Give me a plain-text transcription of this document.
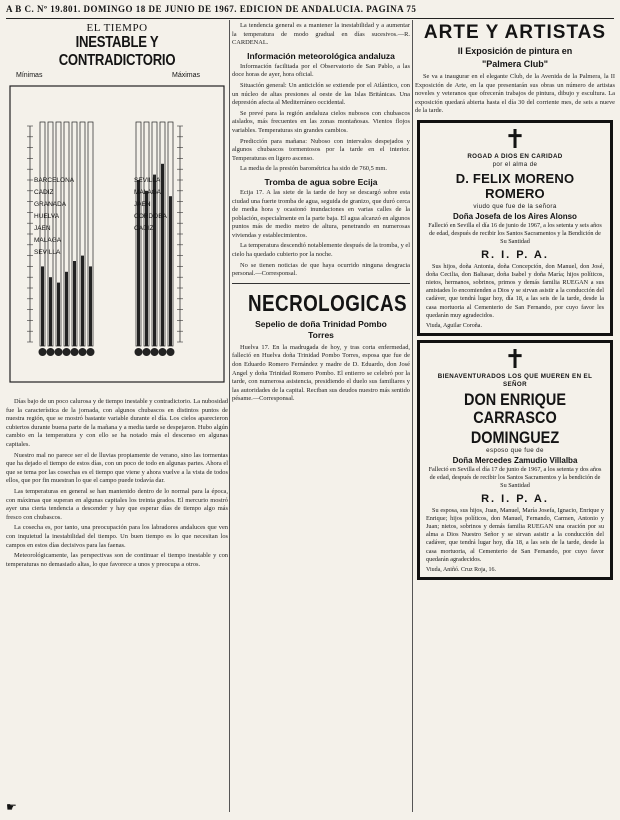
A B C. Nº 19.801. DOMINGO 18 DE JUNIO DE 1967. EDICION DE ANDALUCIA. PAGINA 75
EL TIEMPO
INESTABLE Y CONTRADICTORIO
Mínimas	Máximas
BARCELONA
CADIZ
GRANADA
HUELVA
JAEN
MALAGA
SEVILLA
SEVILLA
MALAGA
JAEN
CORDOBA
CADIZ

Días bajo de un poco calurosa y de tiempo inestable y contradictorio. La nubosidad fue la característica de la jornada, con algunos chubascos en distintos puntos de nuestra región, que se mostró bastante variable durante el día. Los cielos aparecieron cubiertos durante buena parte de la mañana y a media tarde se despejaron. Hubo algún cambio en la temperatura y con ello se ha notado más el descenso en algunas capitales.

Nuestro mal no parece ser el de lluvias propiamente de verano, sino las tormentas que ha dejado el tiempo de estos días, con un poco de todo en algunas partes. Ahora el que se tema por las cosechas es el tiempo que viene y ahora vuelve a la vista de todos ellos, que por fin muestran lo que el campo puede todavía dar.

Las temperaturas en general se han mantenido dentro de lo normal para la época, con máximas que superan en algunas capitales los treinta grados. El mercurio mostró ayer una cierta tendencia a descender y hay que esperar días de tiempo algo más fresco con chubascos.

La cosecha es, por tanto, una preocupación para los labradores andaluces que ven con inquietud la inestabilidad del tiempo. Un buen tiempo es lo que necesitan los campos en estos días decisivos para las faenas.

Meteorológicamente, las perspectivas son de continuar el tiempo inestable y con temperaturas no demasiado altas, lo que favorece a unos y preocupa a otros.

La tendencia general es a mantener la inestabilidad y a aumentar la temperatura de modo gradual en días sucesivos.—R. CARDENAL.

Información meteorológica andaluza

Información facilitada por el Observatorio de San Pablo, a las doce horas de ayer, hora oficial.

Situación general: Un anticiclón se extiende por el Atlántico, con un núcleo de altas presiones al oeste de las Islas Británicas. Una depresión afecta al Mediterráneo occidental.

Se prevé para la región andaluza cielos nubosos con chubascos aislados, más frecuentes en las zonas montañosas. Vientos flojos variables. Temperaturas sin grandes cambios.

Predicción para mañana: Nuboso con intervalos despejados y algunos chubascos tormentosos por la tarde en el interior. Temperaturas en ligero ascenso.

La media de la presión barométrica ha sido de 760,5 mm.

Tromba de agua sobre Ecija

Ecija 17. A las siete de la tarde de hoy se descargó sobre esta ciudad una fuerte tromba de agua, seguida de granizo, que duró cerca de media hora y ocasionó inundaciones en varias calles de la población, especialmente en la parte baja. El agua alcanzó en algunos puntos más de medio metro de altura, penetrando en numerosas viviendas y establecimientos.

La temperatura descendió notablemente después de la tromba, y el cielo ha quedado cubierto por la noche.

No se tienen noticias de que haya ocurrido ninguna desgracia personal.—Corresponsal.

NECROLOGICAS
Sepelio de doña Trinidad Pombo
Torres

Huelva 17. En la madrugada de hoy, y tras corta enfermedad, falleció en Huelva doña Trinidad Pombo Torres, esposa que fue de don Eduardo Romero Fernández y madre de D. Eduardo, don José Angel y doña Trinidad Romero Pombo. El entierro se celebró por la tarde, con numerosa asistencia, presidiendo el duelo sus familiares y las autoridades de la capital. Reciban sus deudos nuestro más sentido pésame.—Corresponsal.

ARTE Y ARTISTAS
II Exposición de pintura en
"Palmera Club"

Se va a inaugurar en el elegante Club, de la Avenida de la Palmera, la II Exposición de Arte, en la que presentarán sus obras un número de artistas noveles y veteranos que ofrecerán trabajos de pintura, dibujo y escultura. La exposición quedará abierta hasta el día 30 del corriente mes, de seis a nueve de la tarde.

✝

ROGAD A DIOS EN CARIDAD

por el alma de

D. FELIX MORENO ROMERO

viudo que fue de la señora

Doña Josefa de los Aires Alonso

Falleció en Sevilla el día 16 de junio de 1967, a los setenta y seis años de edad, después de recibir los Santos Sacramentos y la Bendición de Su Santidad

R. I. P. A.

Sus hijos, doña Antonia, doña Concepción, don Manuel, don José, doña Cecilia, don Baltasar, doña Isabel y doña María; hijos políticos, nietos, hermanos, sobrinos, primos y demás familia RUEGAN a sus amistades lo encomienden a Dios y se sirvan asistir a la conducción del cadáver, que tendrá lugar hoy, día 18, a las seis de la tarde, desde la casa mortuoria al Cementerio de San Fernando, por cuyo favor les quedarán muy agradecidos.

Viuda, Aguilar Coroña.

✝

BIENAVENTURADOS LOS QUE MUEREN EN EL SEÑOR

DON ENRIQUE CARRASCO
DOMINGUEZ

esposo que fue de

Doña Mercedes Zamudio Villalba

Falleció en Sevilla el día 17 de junio de 1967, a los setenta y dos años de edad, después de recibir los Santos Sacramentos y la bendición de Su Santidad

R. I. P. A.

Su esposa, sus hijos, Juan, Manuel, María Josefa, Ignacio, Enrique y Enrique; hijos políticos, don Manuel, Fernando, Carmen, Antonio y Juan; nietos, sobrinos y demás familia RUEGAN una oración por su alma a Dios Nuestro Señor y se sirvan asistir a la conducción del cadáver, que tendrá lugar hoy, día 18, a las seis de la tarde, desde la casa mortuoria, al Cementerio de San Fernando, por cuyo favor quedarán agradecidos.

Viuda, Aniñó. Cruz Roja, 16.

☛
